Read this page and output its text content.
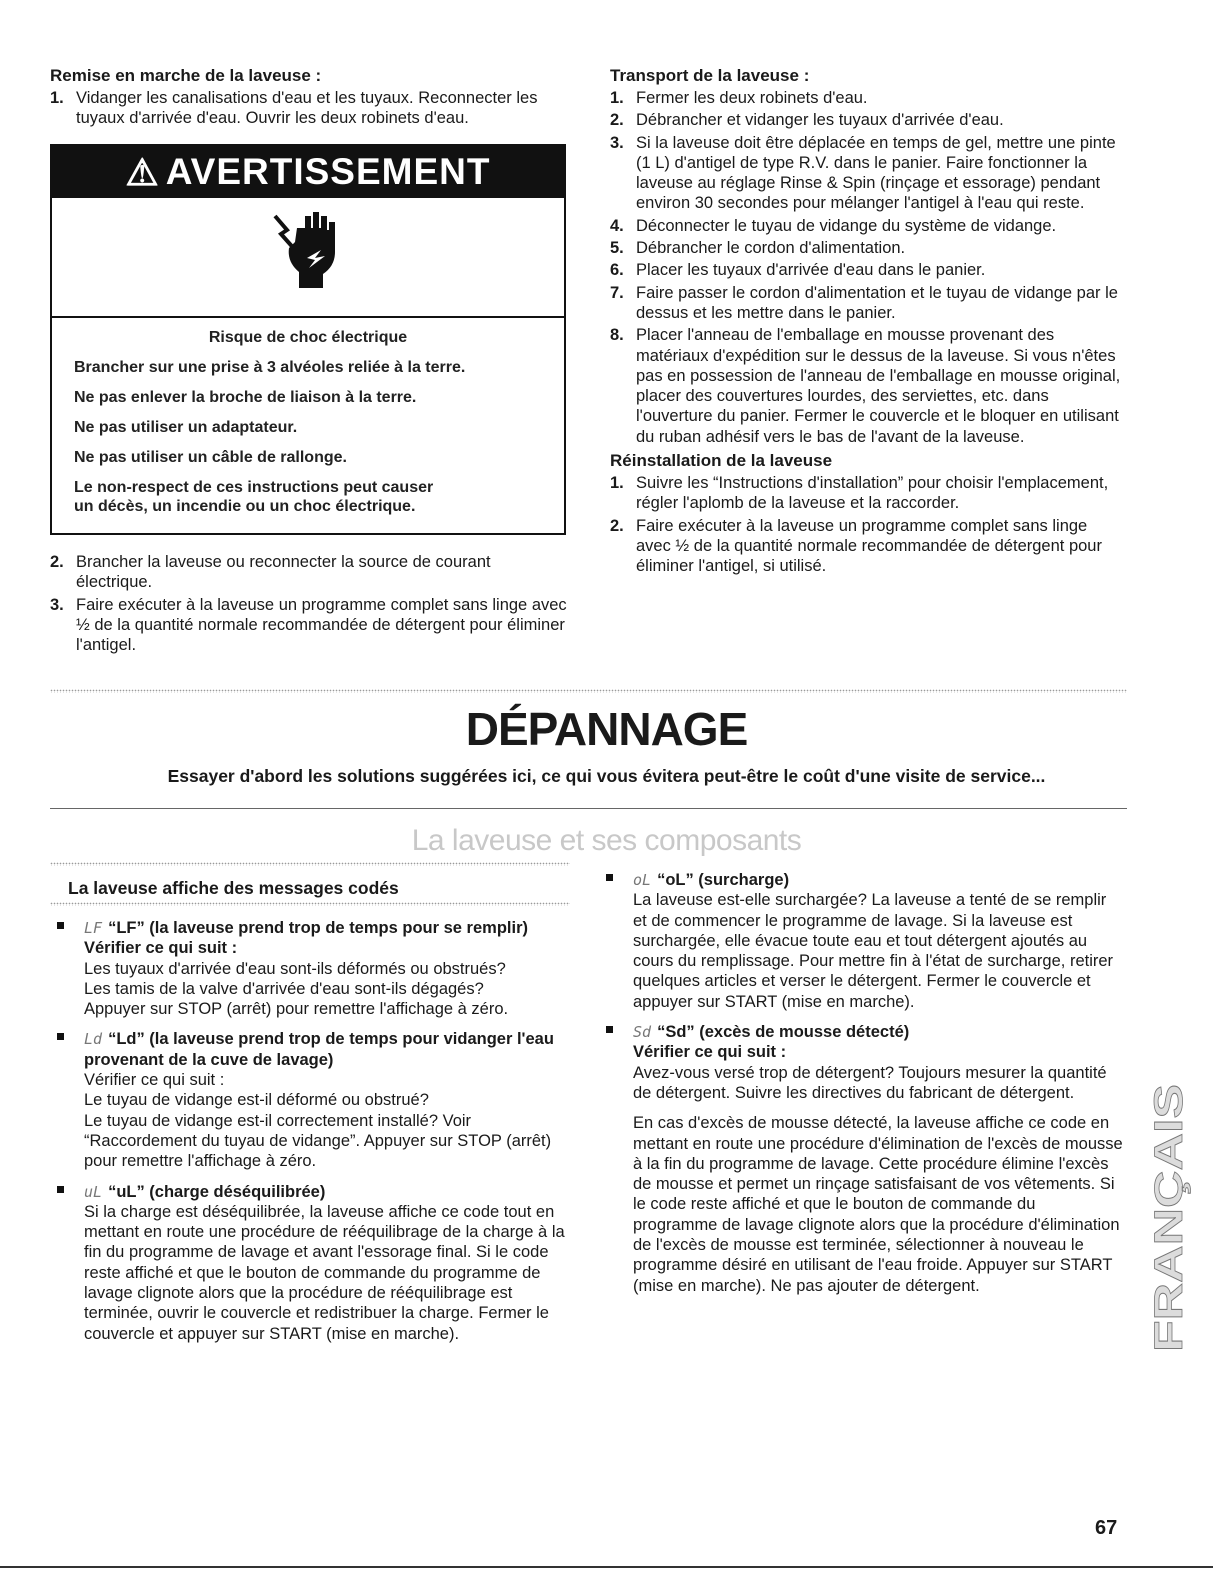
Remise en marche de la laveuse :
1. Vidanger les canalisations d'eau et les tuyaux. Reconnecter les tuyaux d'arrivée d'eau. Ouvrir les deux robinets d'eau.
⚠ AVERTISSEMENT
Risque de choc électrique

Brancher sur une prise à 3 alvéoles reliée à la terre.

Ne pas enlever la broche de liaison à la terre.

Ne pas utiliser un adaptateur.

Ne pas utiliser un câble de rallonge.

Le non-respect de ces instructions peut causer
un décès, un incendie ou un choc électrique.
2. Brancher la laveuse ou reconnecter la source de courant électrique.
3. Faire exécuter à la laveuse un programme complet sans linge avec ½ de la quantité normale recommandée de détergent pour éliminer l'antigel.
Transport de la laveuse :
1. Fermer les deux robinets d'eau.
2. Débrancher et vidanger les tuyaux d'arrivée d'eau.
3. Si la laveuse doit être déplacée en temps de gel, mettre une pinte (1 L) d'antigel de type R.V. dans le panier. Faire fonctionner la laveuse au réglage Rinse & Spin (rinçage et essorage) pendant environ 30 secondes pour mélanger l'antigel à l'eau qui reste.
4. Déconnecter le tuyau de vidange du système de vidange.
5. Débrancher le cordon d'alimentation.
6. Placer les tuyaux d'arrivée d'eau dans le panier.
7. Faire passer le cordon d'alimentation et le tuyau de vidange par le dessus et les mettre dans le panier.
8. Placer l'anneau de l'emballage en mousse provenant des matériaux d'expédition sur le dessus de la laveuse. Si vous n'êtes pas en possession de l'anneau de l'emballage en mousse original, placer des couvertures lourdes, des serviettes, etc. dans l'ouverture du panier. Fermer le couvercle et le bloquer en utilisant du ruban adhésif vers le bas de l'avant de la laveuse.
Réinstallation de la laveuse
1. Suivre les “Instructions d'installation” pour choisir l'emplacement, régler l'aplomb de la laveuse et la raccorder.
2. Faire exécuter à la laveuse un programme complet sans linge avec ½ de la quantité normale recommandée de détergent pour éliminer l'antigel, si utilisé.
DÉPANNAGE
Essayer d'abord les solutions suggérées ici, ce qui vous évitera peut-être le coût d'une visite de service...
La laveuse et ses composants
La laveuse affiche des messages codés
LF “LF” (la laveuse prend trop de temps pour se remplir)
Vérifier ce qui suit :
Les tuyaux d'arrivée d'eau sont-ils déformés ou obstrués?
Les tamis de la valve d'arrivée d'eau sont-ils dégagés?
Appuyer sur STOP (arrêt) pour remettre l'affichage à zéro.
Ld “Ld” (la laveuse prend trop de temps pour vidanger l'eau provenant de la cuve de lavage)
Vérifier ce qui suit :
Le tuyau de vidange est-il déformé ou obstrué?
Le tuyau de vidange est-il correctement installé? Voir “Raccordement du tuyau de vidange”. Appuyer sur STOP (arrêt) pour remettre l'affichage à zéro.
uL “uL” (charge déséquilibrée)
Si la charge est déséquilibrée, la laveuse affiche ce code tout en mettant en route une procédure de rééquilibrage de la charge à la fin du programme de lavage et avant l'essorage final. Si le code reste affiché et que le bouton de commande du programme de lavage clignote alors que la procédure de rééquilibrage est terminée, ouvrir le couvercle et redistribuer la charge. Fermer le couvercle et appuyer sur START (mise en marche).
oL “oL” (surcharge)
La laveuse est-elle surchargée? La laveuse a tenté de se remplir et de commencer le programme de lavage. Si la laveuse est surchargée, elle évacue toute eau et tout détergent ajoutés au cours du remplissage. Pour mettre fin à l'état de surcharge, retirer quelques articles et verser le détergent. Fermer le couvercle et appuyer sur START (mise en marche).
Sd “Sd” (excès de mousse détecté)
Vérifier ce qui suit :
Avez-vous versé trop de détergent? Toujours mesurer la quantité de détergent. Suivre les directives du fabricant de détergent.
En cas d'excès de mousse détecté, la laveuse affiche ce code en mettant en route une procédure d'élimination de l'excès de mousse à la fin du programme de lavage. Cette procédure élimine l'excès de mousse et permet un rinçage satisfaisant de vos vêtements. Si le code reste affiché et que le bouton de commande du programme de lavage clignote alors que la procédure d'élimination de l'excès de mousse est terminée, sélectionner à nouveau le programme désiré en utilisant de l'eau froide. Appuyer sur START (mise en marche). Ne pas ajouter de détergent.	FRANÇAIS
67
